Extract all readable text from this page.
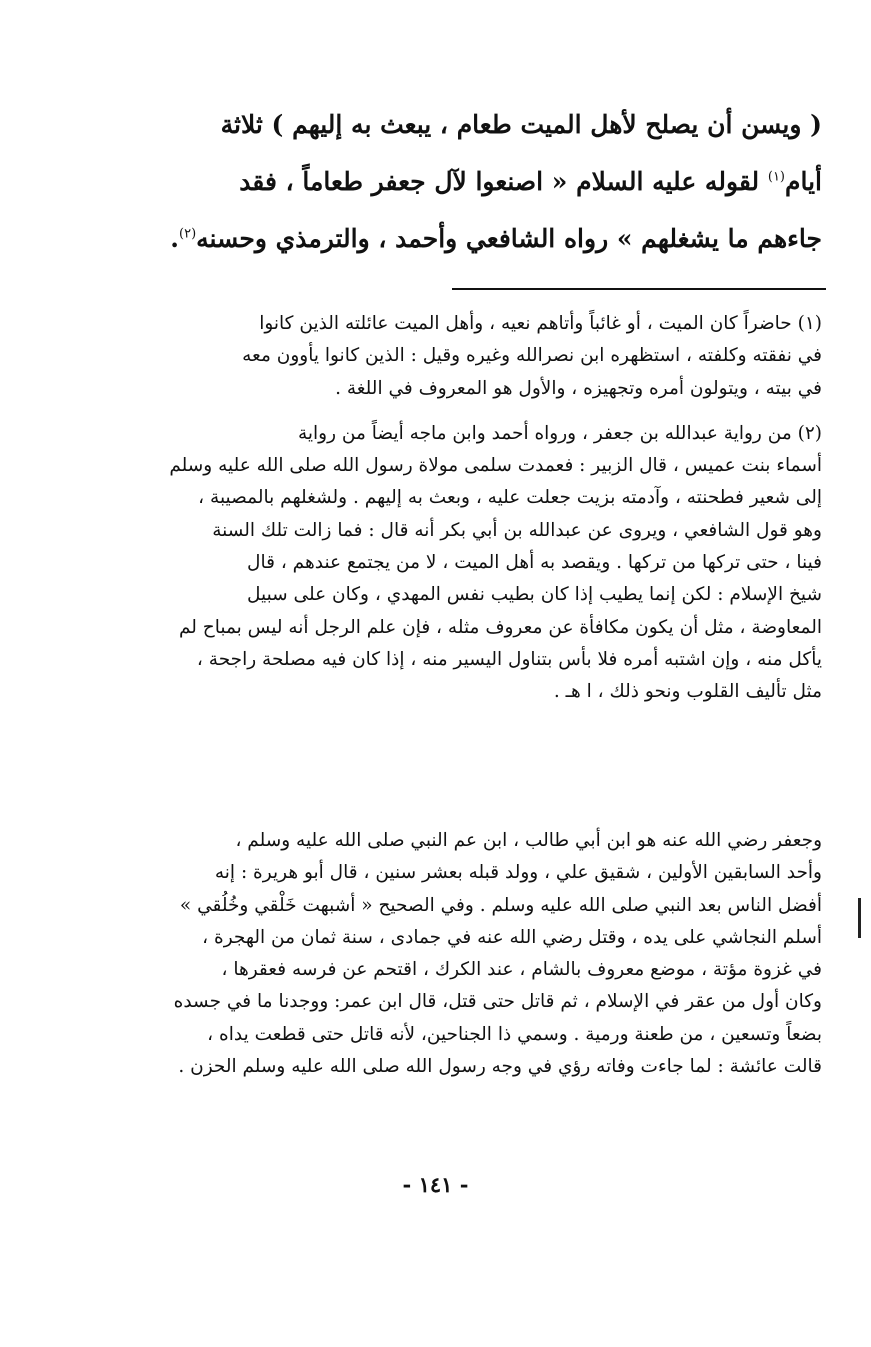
( ويسن أن يصلح لأهل الميت طعام ، يبعث به إليهم ) ثلاثة
أيام$^{(١)}$ لقوله عليه السلام « اصنعوا لآل جعفر طعاماً ، فقد
جاءهم ما يشغلهم » رواه الشافعي وأحمد ، والترمذي وحسنه$^{(٢)}$.
(١) حاضراً كان الميت ، أو غائباً وأتاهم نعيه ، وأهل الميت عائلته الذين كانوا
في نفقته وكلفته ، استظهره ابن نصرالله وغيره وقيل : الذين كانوا يأوون معه
في بيته ، ويتولون أمره وتجهيزه ، والأول هو المعروف في اللغة .
(٢) من رواية عبدالله بن جعفر ، ورواه أحمد وابن ماجه أيضاً من رواية
أسماء بنت عميس ، قال الزبير : فعمدت سلمى مولاة رسول الله صلى الله عليه وسلم
إلى شعير فطحنته ، وآدمته بزيت جعلت عليه ، وبعث به إليهم . ولشغلهم بالمصيبة ،
وهو قول الشافعي ، ويروى عن عبدالله بن أبي بكر أنه قال : فما زالت تلك السنة
فينا ، حتى تركها من تركها . ويقصد به أهل الميت ، لا من يجتمع عندهم ، قال
شيخ الإسلام : لكن إنما يطيب إذا كان بطيب نفس المهدي ، وكان على سبيل
المعاوضة ، مثل أن يكون مكافأة عن معروف مثله ، فإن علم الرجل أنه ليس بمباح لم
يأكل منه ، وإن اشتبه أمره فلا بأس بتناول اليسير منه ، إذا كان فيه مصلحة راجحة ،
مثل تأليف القلوب ونحو ذلك ، ا هـ .
وجعفر رضي الله عنه هو ابن أبي طالب ، ابن عم النبي صلى الله عليه وسلم ،
وأحد السابقين الأولين ، شقيق علي ، وولد قبله بعشر سنين ، قال أبو هريرة : إنه
أفضل الناس بعد النبي صلى الله عليه وسلم . وفي الصحيح « أشبهت خَلْقي وخُلُقي »
أسلم النجاشي على يده ، وقتل رضي الله عنه في جمادى ، سنة ثمان من الهجرة ،
في غزوة مؤتة ، موضع معروف بالشام ، عند الكرك ، اقتحم عن فرسه فعقرها ،
وكان أول من عقر في الإسلام ، ثم قاتل حتى قتل، قال ابن عمر: ووجدنا ما في جسده
بضعاً وتسعين ، من طعنة ورمية . وسمي ذا الجناحين، لأنه قاتل حتى قطعت يداه ،
قالت عائشة : لما جاءت وفاته رؤي في وجه رسول الله صلى الله عليه وسلم الحزن .
- ١٤١ -
